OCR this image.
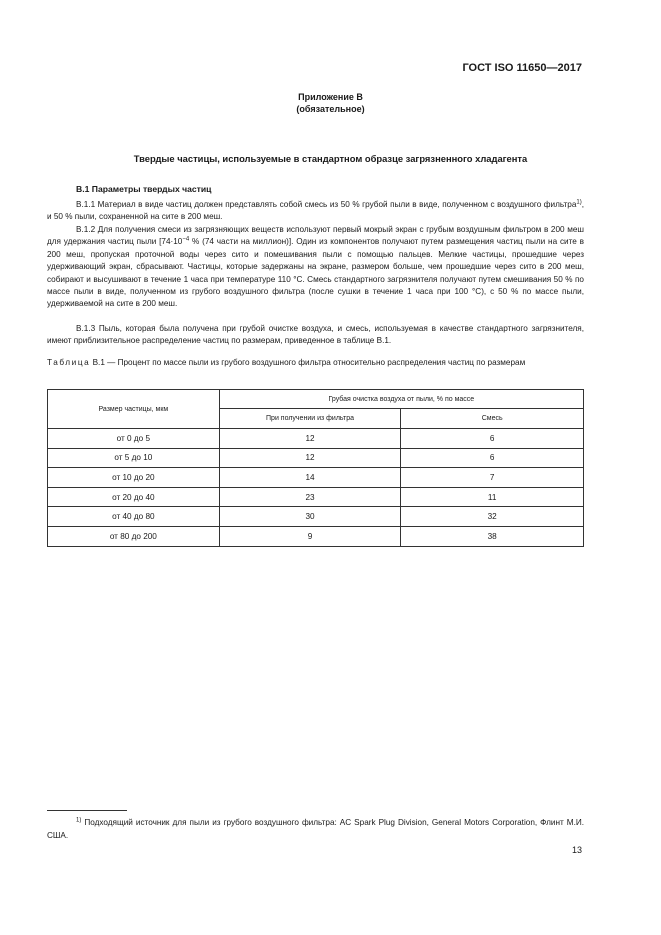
ГОСТ ISO 11650—2017
Приложение В
(обязательное)
Твердые частицы, используемые в стандартном образце загрязненного хладагента
В.1 Параметры твердых частиц

В.1.1 Материал в виде частиц должен представлять собой смесь из 50 % грубой пыли в виде, полученном с воздушного фильтра$^{1)}$, и 50 % пыли, сохраненной на сите в 200 меш.

В.1.2 Для получения смеси из загрязняющих веществ используют первый мокрый экран с грубым воздушным фильтром в 200 меш для удержания частиц пыли [$74\cdot 10^{-4}$ % (74 части на миллион)]. Один из компонентов получают путем размещения частиц пыли на сите в 200 меш, пропуская проточной воды через сито и помешивания пыли с помощью пальцев. Мелкие частицы, прошедшие через удерживающий экран, сбрасывают. Частицы, которые задержаны на экране, размером больше, чем прошедшие через сито в 200 меш, собирают и высушивают в течение 1 часа при температуре 110 °С. Смесь стандартного загрязнителя получают путем смешивания 50 % по массе пыли в виде, полученном из грубого воздушного фильтра (после сушки в течение 1 часа при 100 °С), с 50 % по массе пыли, удерживаемой на сите в 200 меш.

В.1.3 Пыль, которая была получена при грубой очистке воздуха, и смесь, используемая в качестве стандартного загрязнителя, имеют приблизительное распределение частиц по размерам, приведенное в таблице В.1.

Таблица В.1 — Процент по массе пыли из грубого воздушного фильтра относительно распределения частиц по размерам
Размер частицы, мкм	Грубая очистка воздуха от пыли, % по массе	
	При получении из фильтра	Смесь
от 0 до 5	12	6
от 5 до 10	12	6
от 10 до 20	14	7
от 20 до 40	23	11
от 40 до 80	30	32
от 80 до 200	9	38

$^{1)}$ Подходящий источник для пыли из грубого воздушного фильтра: AC Spark Plug Division, General Motors Corporation, Флинт М.И. США.

13
